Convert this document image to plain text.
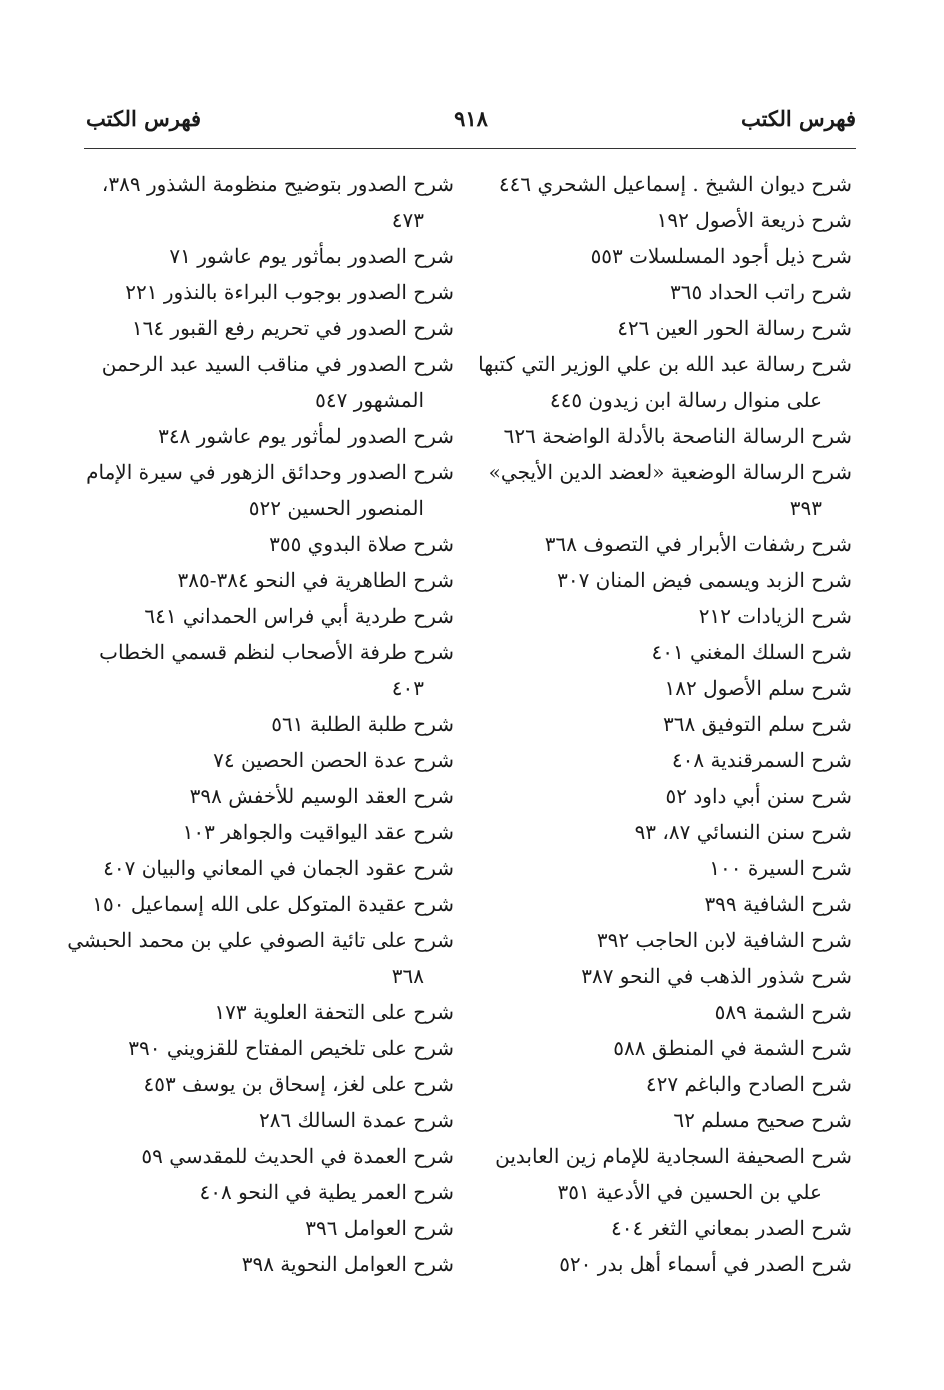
فهرس الكتب
٩١٨
فهرس الكتب
شرح ديوان الشيخ . إسماعيل الشحري ٤٤٦
شرح ذريعة الأصول ١٩٢
شرح ذيل أجود المسلسلات ٥٥٣
شرح راتب الحداد ٣٦٥
شرح رسالة الحور العين ٤٢٦
شرح رسالة عبد الله بن علي الوزير التي كتبها
على منوال رسالة ابن زيدون ٤٤٥
شرح الرسالة الناصحة بالأدلة الواضحة ٦٢٦
شرح الرسالة الوضعية «لعضد الدين الأيجي»
٣٩٣
شرح رشفات الأبرار في التصوف ٣٦٨
شرح الزبد ويسمى فيض المنان ٣٠٧
شرح الزيادات ٢١٢
شرح السلك المغني ٤٠١
شرح سلم الأصول ١٨٢
شرح سلم التوفيق ٣٦٨
شرح السمرقندية ٤٠٨
شرح سنن أبي داود ٥٢
شرح سنن النسائي ٨٧، ٩٣
شرح السيرة ١٠٠
شرح الشافية ٣٩٩
شرح الشافية لابن الحاجب ٣٩٢
شرح شذور الذهب في النحو ٣٨٧
شرح الشمة ٥٨٩
شرح الشمة في المنطق ٥٨٨
شرح الصادح والباغم ٤٢٧
شرح صحيح مسلم ٦٢
شرح الصحيفة السجادية للإمام زين العابدين
علي بن الحسين في الأدعية ٣٥١
شرح الصدر بمعاني الثغر ٤٠٤
شرح الصدر في أسماء أهل بدر ٥٢٠
شرح الصدور بتوضيح منظومة الشذور ٣٨٩،
٤٧٣
شرح الصدور بمأثور يوم عاشور ٧١
شرح الصدور بوجوب البراءة بالنذور ٢٢١
شرح الصدور في تحريم رفع القبور ١٦٤
شرح الصدور في مناقب السيد عبد الرحمن
المشهور ٥٤٧
شرح الصدور لمأثور يوم عاشور ٣٤٨
شرح الصدور وحدائق الزهور في سيرة الإمام
المنصور الحسين ٥٢٢
شرح صلاة البدوي ٣٥٥
شرح الطاهرية في النحو ٣٨٤-٣٨٥
شرح طردية أبي فراس الحمداني ٦٤١
شرح طرفة الأصحاب لنظم قسمي الخطاب
٤٠٣
شرح طلبة الطلبة ٥٦١
شرح عدة الحصن الحصين ٧٤
شرح العقد الوسيم للأخفش ٣٩٨
شرح عقد اليواقيت والجواهر ١٠٣
شرح عقود الجمان في المعاني والبيان ٤٠٧
شرح عقيدة المتوكل على الله إسماعيل ١٥٠
شرح على تائية الصوفي علي بن محمد الحبشي
٣٦٨
شرح على التحفة العلوية ١٧٣
شرح على تلخيص المفتاح للقزويني ٣٩٠
شرح على لغز، إسحاق بن يوسف ٤٥٣
شرح عمدة السالك ٢٨٦
شرح العمدة في الحديث للمقدسي ٥٩
شرح العمر يطية في النحو ٤٠٨
شرح العوامل ٣٩٦
شرح العوامل النحوية ٣٩٨
